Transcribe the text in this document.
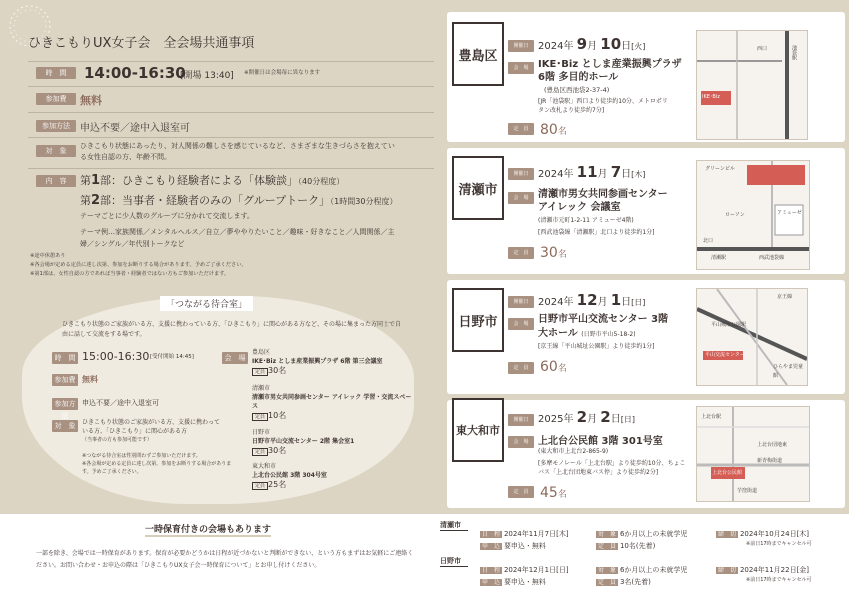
ひきこもりUX女子会　全会場共通事項
時　間	14:00-16:30
[開場 13:40] ※開催日は会場毎に異なります
参加費	無料
参加方法	申込不要／途中入退室可
対　象
ひきこもり状態にあったり、対人関係の難しさを感じているなど、さまざまな生きづらさを抱えている女性自認の方、年齢不問。
内　容	第1部：ひきこもり経験者による「体験談」（40分程度）
第2部：当事者・経験者のみの「グループトーク」（1時間30分程度）
テーマごとに少人数のグループに分かれて交流します。
テーマ例…家族関係／メンタルヘルス／自立／夢ややりたいこと／趣味・好きなこと／人間関係／主婦／シングル／年代別トークなど
※途中休憩あり
※各会場が定める定員に達し次第、参加をお断りする場合があります。予めご了承ください。
※第1部は、女性自認の方であれば当事者・経験者ではない方もご参加いただけます。
「つながる待合室」
ひきこもり状態のご家族がいる方、支援に携わっている方、「ひきこもり」に関心がある方など、その場に集まった方同士で自由に話して交流をする場です。
時　間 15:00-16:30 [受付開始 14:45]
参加費 無料
参加方法
申込不要／途中入退室可
対　象	ひきこもり状態のご家族がいる方、支援に携わっている方、「ひきこもり」に関心がある方
（当事者の方も参加可能です）
※つながる待合室は性別問わずご参加いただけます。
※各会場が定める定員に達し次第、参加をお断りする場合があります。予めご了承ください。
会　場
豊島区
IKE･Biz としま産業振興プラザ 6階 第三会議室
定員 30名
清瀬市
清瀬市男女共同参画センター アイレック 学習・交流スペース
定員 10名
日野市
日野市平山交流センター 2階 集会室1
定員 30名
東大和市
上北台公民館 3階 304号室
定員 25名
豊島区
開催日 2024年 9月 10日[火]
会　場 IKE･Biz としま産業振興プラザ
6階 多目的ホール
(豊島区西池袋2-37-4)
[JR「池袋駅」西口より徒歩約10分、メトロポリタン改札より徒歩約7分]
定　員 80名
池袋駅
西口
IKE･Biz
清瀬市
開催日 2024年 11月 7日[木]
会　場 清瀬市男女共同参画センター
アイレック 会議室
(清瀬市元町1-2-11 アミューゼ4階)
[西武池袋線「清瀬駅」北口より徒歩約1分]
定　員 30名
グリーンビル
アミューゼ
ローソン
清瀬駅	西武池袋線
北口
日野市
開催日 2024年 12月 1日[日]
会　場 日野市平山交流センター 3階
大ホール (日野市平山5-18-2)
[京王線「平山城址公園駅」より徒歩約1分]
定　員 60名
京王線
平山城址公園駅
平山交流センター
ひらやま児童館
東大和市
開催日 2025年 2月 2日[日]
会　場 上北台公民館 3階 301号室
(東大和市上北台2-865-9)
[多摩モノレール「上北台駅」より徒歩約10分、ちょこバス「上北台団地東バス停」より徒歩約2分]
定　員 45名
上北台駅
上北台公民館
上北台団地東
新青梅街道
芋窪街道
一時保育付きの会場もあります
一部を除き、会場では一時保育があります。保育が必要かどうかは日程が近づかないと判断ができない、という方もまずはお気軽にご連絡ください。お問い合わせ・お申込の際は「ひきこもりUX女子会一時保育について」とお申し付けください。
清瀬市
日　程 2024年11月7日[木]
申　込 要申込・無料
対　象 6か月以上の未就学児
定　員 10名(先着)
締　切 2024年10月24日[木]
※前日17時までキャンセル可
日野市
日　程 2024年12月1日[日]
申　込 要申込・無料
対　象 6か月以上の未就学児
定　員 3名(先着)
締　切 2024年11月22日[金]
※前日17時までキャンセル可
